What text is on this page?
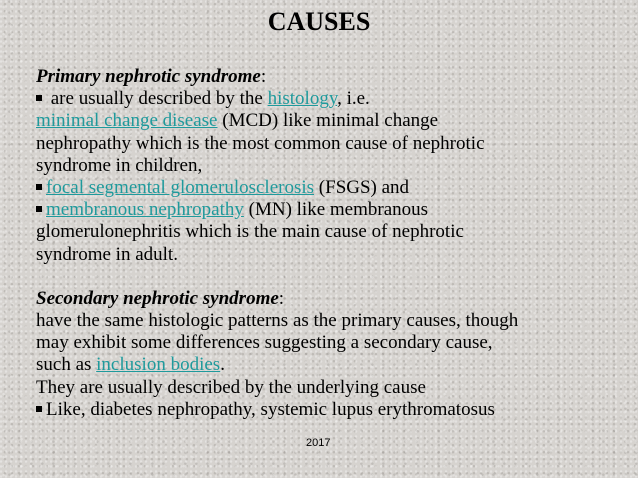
CAUSES
Primary nephrotic syndrome:
are usually described by the histology, i.e.
minimal change disease (MCD) like minimal change
nephropathy which is the most common cause of nephrotic
syndrome in children,
focal segmental glomerulosclerosis (FSGS) and
membranous nephropathy (MN) like membranous
glomerulonephritis which is the main cause of nephrotic
syndrome in adult.
Secondary nephrotic syndrome:
have the same histologic patterns as the primary causes, though
may exhibit some differences suggesting a secondary cause,
such as inclusion bodies.
They are usually described by the underlying cause
Like, diabetes nephropathy, systemic lupus erythromatosus
2017
